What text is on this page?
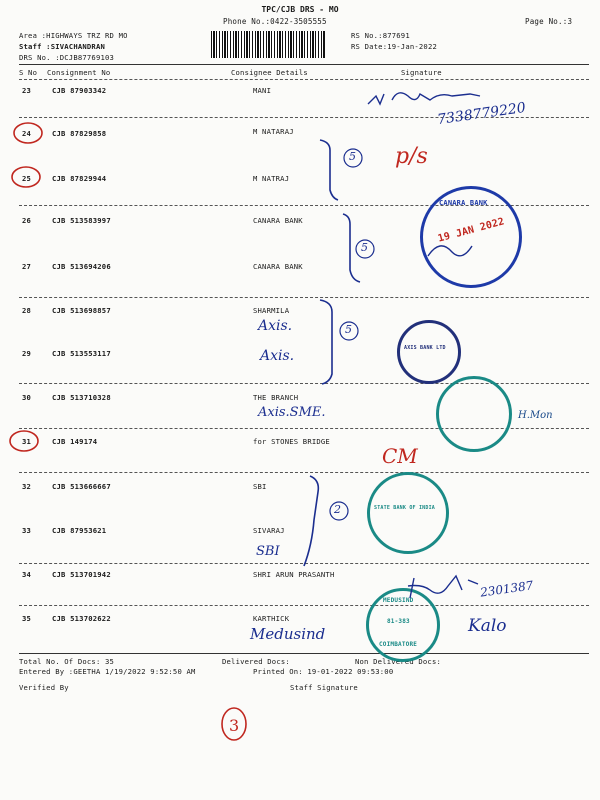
TPC/CJB DRS - MO
Phone No.:0422-3505555	Page No.:3
Area :HIGHWAYS TRZ RD MO
Staff :SIVACHANDRAN
DRS No. :DCJB87769103
RS No.:877691
RS Date:19-Jan-2022
S No Consignment No	Consignee Details	Signature
23	CJB 87903342	MANI
24	CJB 87829858	M NATARAJ
25	CJB 87829944	M NATRAJ
26	CJB 513583997	CANARA BANK
27	CJB 513694206	CANARA BANK
28	CJB 513698857	SHARMILA
29	CJB 513553117
30	CJB 513710328	THE BRANCH
31	CJB 149174	for STONES BRIDGE
32	CJB 513666667	SBI
33	CJB 87953621	SIVARAJ
34	CJB 513701942	SHRI ARUN PRASANTH
35	CJB 513702622	KARTHICK
Total No. Of Docs: 35	Delivered Docs:	Non Delivered Docs:
Entered By :GEETHA 1/19/2022 9:52:50 AM	Printed On: 19-01-2022 09:53:00
Verified By	Staff Signature
7338779220
p/s
5
5
5
2
Axis.
Axis.
Axis.SME.
CM
SBI
2301387
Medusind	Kalo
H.Mon
3
CANARA BANK
19 JAN 2022
AXIS BANK LTD
STATE BANK OF INDIA
MEDUSIND
81-383
COIMBATORE
